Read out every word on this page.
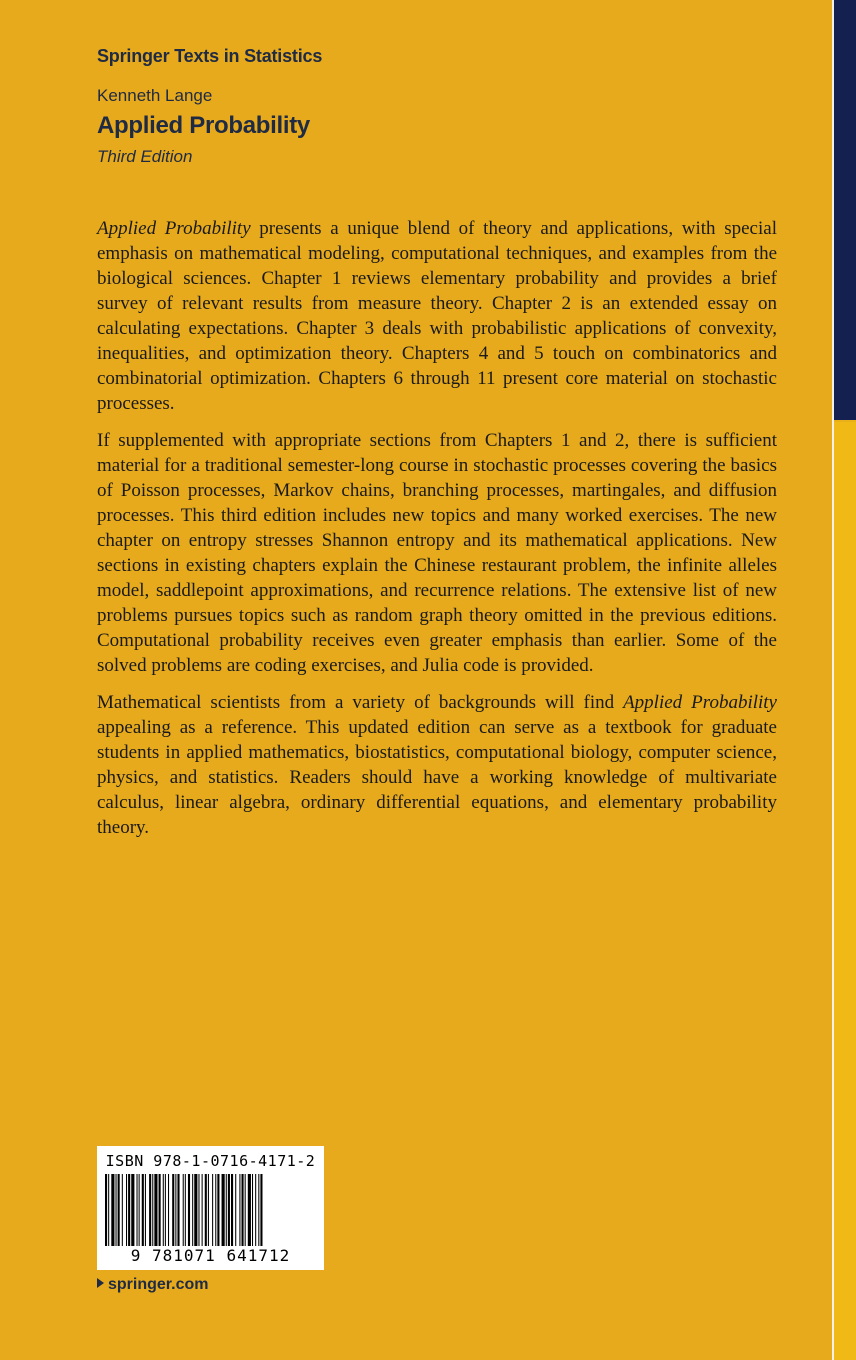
Springer Texts in Statistics
Kenneth Lange
Applied Probability
Third Edition

Applied Probability presents a unique blend of theory and applications, with special emphasis on mathematical modeling, computational techniques, and examples from the biological sciences. Chapter 1 reviews elementary probability and provides a brief survey of relevant results from measure theory. Chapter 2 is an extended essay on calculating expectations. Chapter 3 deals with probabilistic applications of convexity, inequalities, and optimization theory. Chapters 4 and 5 touch on combinatorics and combinatorial optimization. Chapters 6 through 11 present core material on stochastic processes.

If supplemented with appropriate sections from Chapters 1 and 2, there is sufficient material for a traditional semester-long course in stochastic processes covering the basics of Poisson processes, Markov chains, branching processes, martingales, and diffusion processes. This third edition includes new topics and many worked exercises. The new chapter on entropy stresses Shannon entropy and its mathematical applications. New sections in existing chapters explain the Chinese restaurant problem, the infinite alleles model, saddlepoint approximations, and recurrence relations. The extensive list of new problems pursues topics such as random graph theory omitted in the previous editions. Computational probability receives even greater emphasis than earlier. Some of the solved problems are coding exercises, and Julia code is provided.

Mathematical scientists from a variety of backgrounds will find Applied Probability appealing as a reference. This updated edition can serve as a textbook for graduate students in applied mathematics, biostatistics, computational biology, computer science, physics, and statistics. Readers should have a working knowledge of multivariate calculus, linear algebra, ordinary differential equations, and elementary probability theory.

ISBN 978-1-0716-4171-2
9 781071 641712
springer.com
